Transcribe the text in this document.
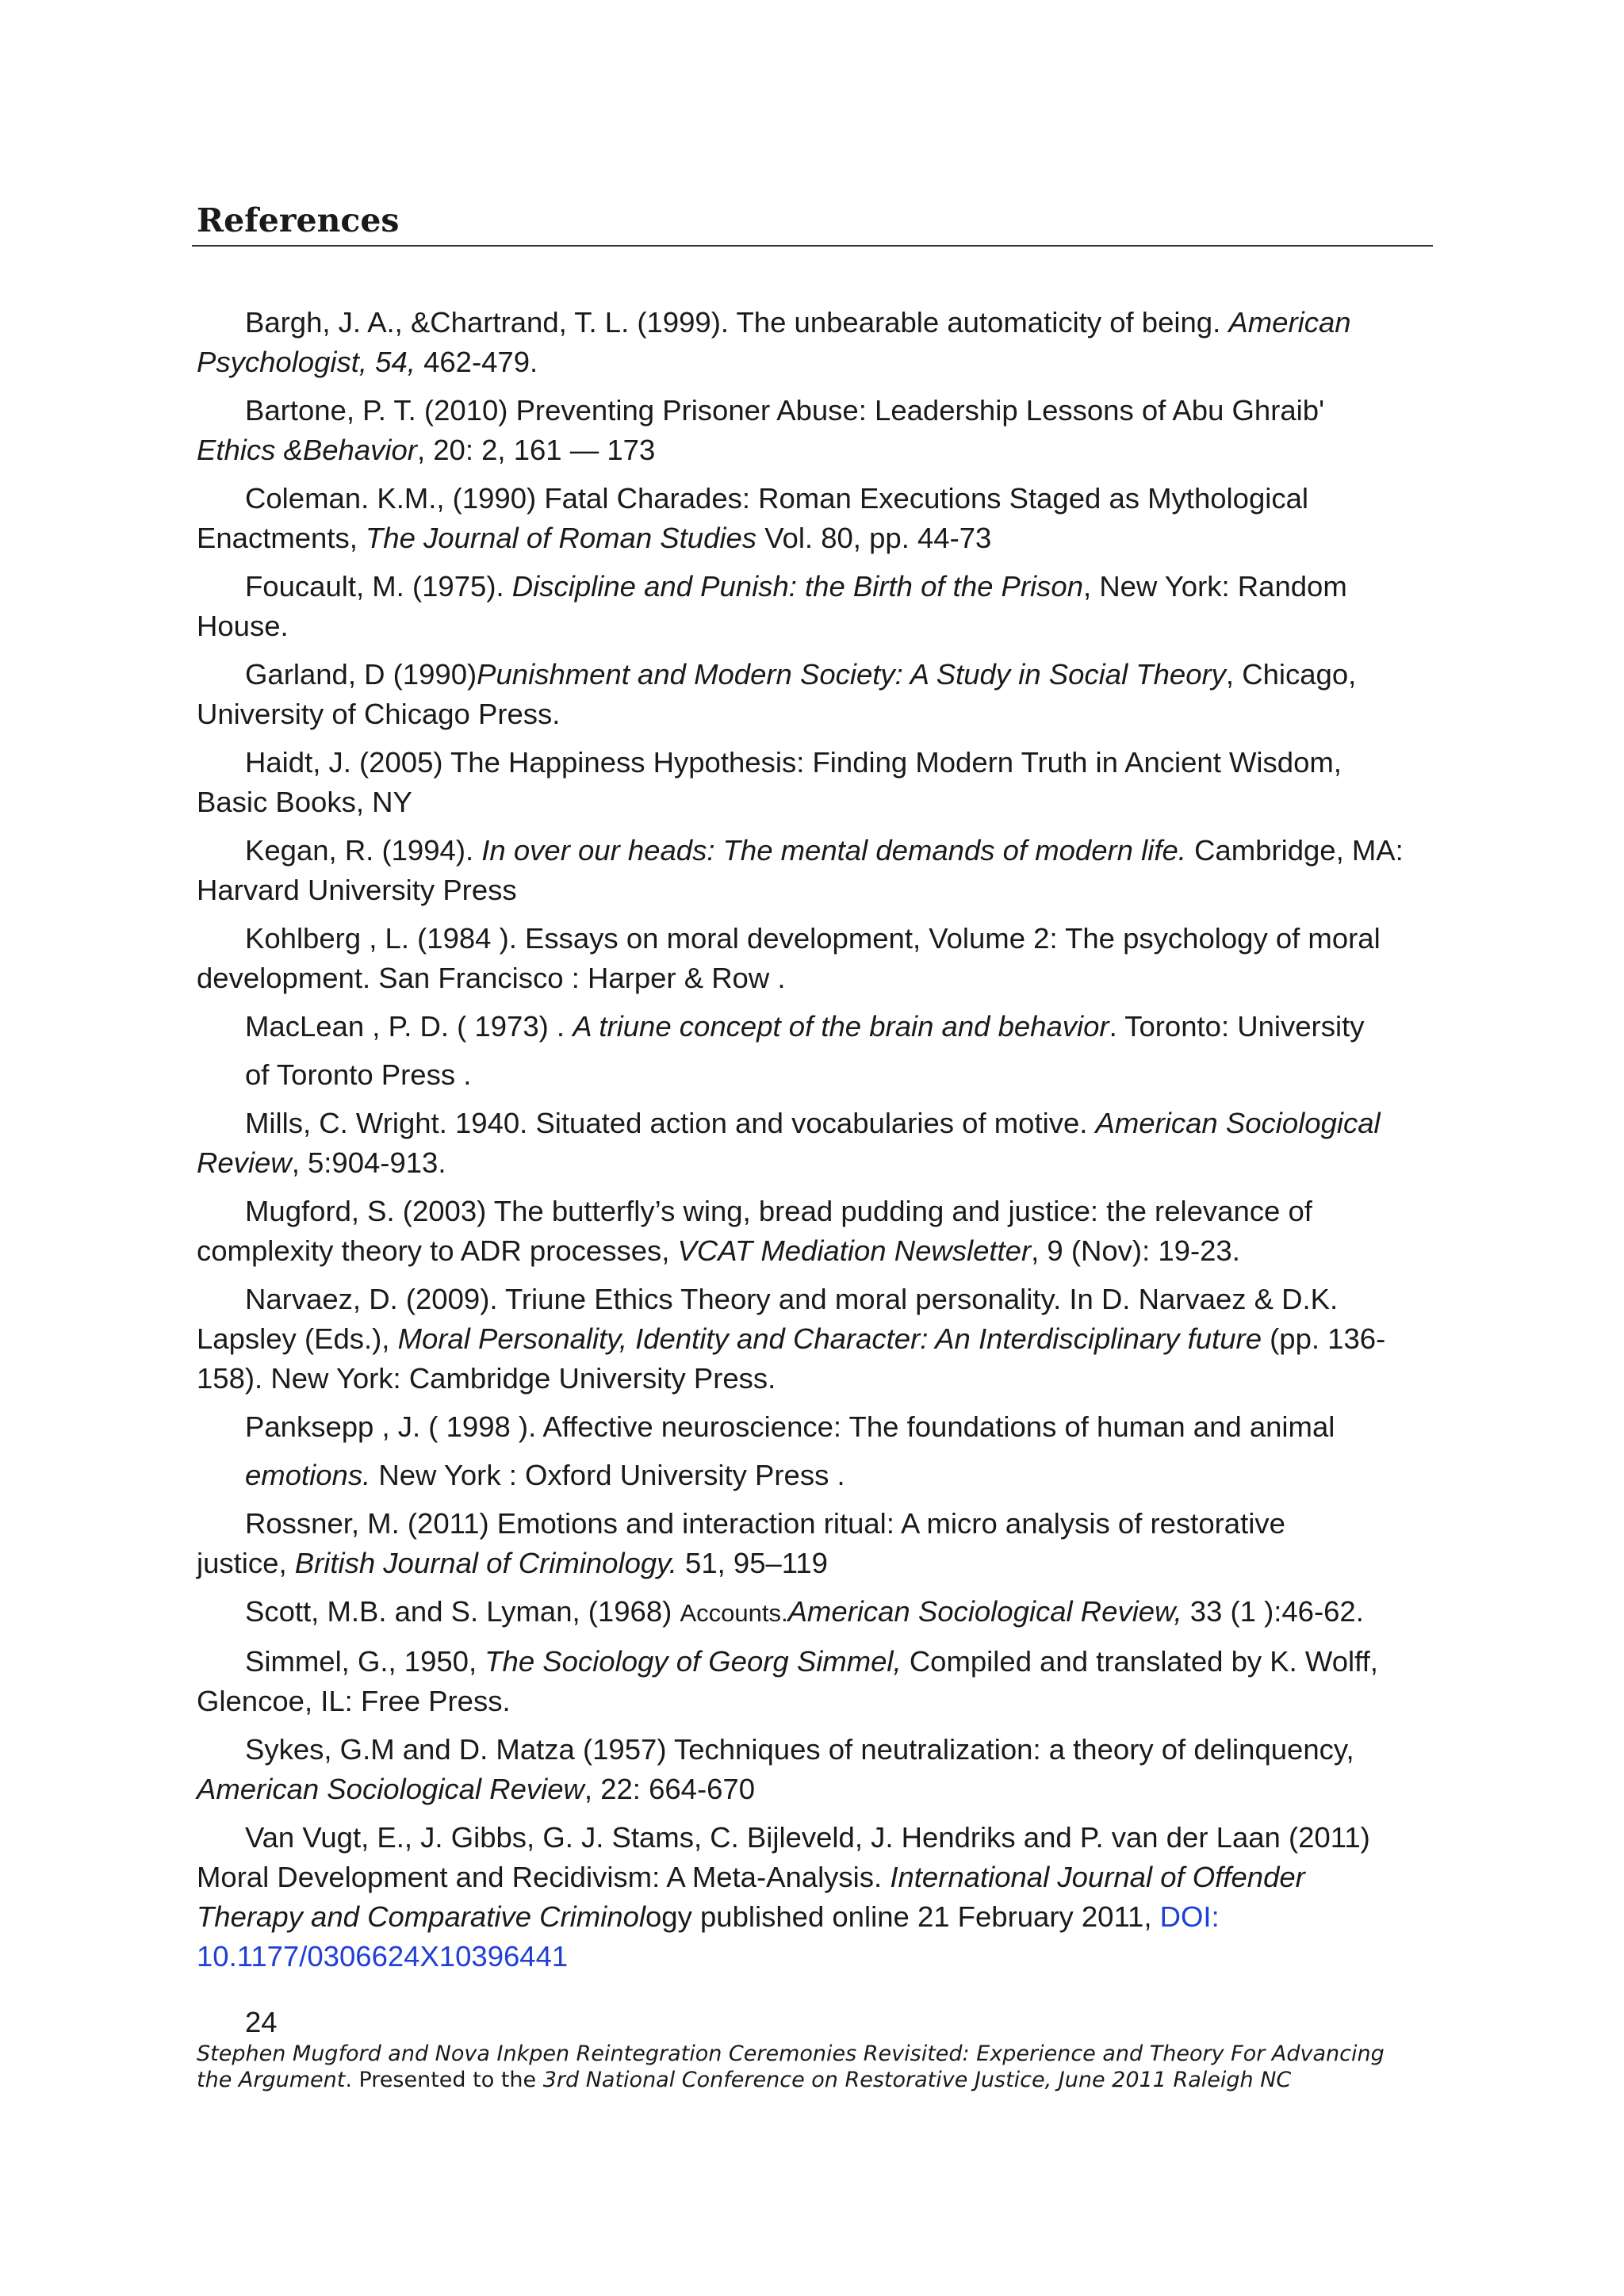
References
Bargh, J. A., &Chartrand, T. L. (1999). The unbearable automaticity of being. American
Psychologist, 54, 462-479.
Bartone, P. T. (2010) Preventing Prisoner Abuse: Leadership Lessons of Abu Ghraib'
Ethics &Behavior, 20: 2, 161 — 173
Coleman. K.M., (1990) Fatal Charades: Roman Executions Staged as Mythological
Enactments, The Journal of Roman Studies Vol. 80, pp. 44-73
Foucault, M. (1975). Discipline and Punish: the Birth of the Prison, New York: Random
House.
Garland, D (1990)Punishment and Modern Society: A Study in Social Theory, Chicago,
University of Chicago Press.
Haidt, J. (2005) The Happiness Hypothesis: Finding Modern Truth in Ancient Wisdom,
Basic Books, NY
Kegan, R. (1994). In over our heads: The mental demands of modern life. Cambridge, MA:
Harvard University Press
Kohlberg , L. (1984 ). Essays on moral development, Volume 2: The psychology of moral
development. San Francisco : Harper & Row .
MacLean , P. D. ( 1973) . A triune concept of the brain and behavior. Toronto: University
of Toronto Press .
Mills, C. Wright. 1940. Situated action and vocabularies of motive. American Sociological
Review, 5:904-913.
Mugford, S. (2003) The butterfly’s wing, bread pudding and justice: the relevance of
complexity theory to ADR processes, VCAT Mediation Newsletter, 9 (Nov): 19-23.
Narvaez, D. (2009). Triune Ethics Theory and moral personality. In D. Narvaez & D.K.
Lapsley (Eds.), Moral Personality, Identity and Character: An Interdisciplinary future (pp. 136-
158). New York: Cambridge University Press.
Panksepp , J. ( 1998 ). Affective neuroscience: The foundations of human and animal
emotions. New York : Oxford University Press .
Rossner, M. (2011) Emotions and interaction ritual: A micro analysis of restorative
justice, British Journal of Criminology. 51, 95–119
Scott, M.B. and S. Lyman, (1968) Accounts.American Sociological Review, 33 (1 ):46-62.
Simmel, G., 1950, The Sociology of Georg Simmel, Compiled and translated by K. Wolff,
Glencoe, IL: Free Press.
Sykes, G.M and D. Matza (1957) Techniques of neutralization: a theory of delinquency,
American Sociological Review, 22: 664-670
Van Vugt, E., J. Gibbs, G. J. Stams, C. Bijleveld, J. Hendriks and P. van der Laan (2011)
Moral Development and Recidivism: A Meta-Analysis. International Journal of Offender
Therapy and Comparative Criminology published online 21 February 2011, DOI:
10.1177/0306624X10396441
24
Stephen Mugford and Nova Inkpen Reintegration Ceremonies Revisited: Experience and Theory For Advancing
the Argument. Presented to the 3rd National Conference on Restorative Justice, June 2011 Raleigh NC
